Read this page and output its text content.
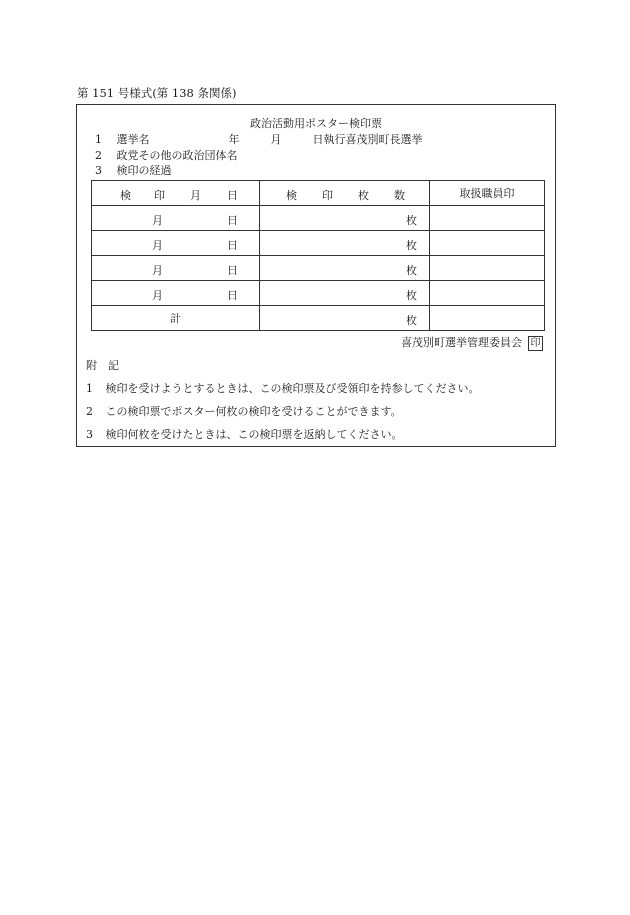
第 151 号様式(第 138 条関係)
政治活動用ポスター検印票
1 選挙名	年	月	日執行喜茂別町長選挙
2 政党その他の政治団体名
3 検印の経過
検 印 月 日	検 印 枚 数	取扱職員印

月 日	枚	

月 日	枚	

月 日	枚	

月 日	枚	

計	枚	

喜茂別町選挙管理委員会 印
附　記
1 検印を受けようとするときは、この検印票及び受領印を持参してください。
2 この検印票でポスター何枚の検印を受けることができます。
3 検印何枚を受けたときは、この検印票を返納してください。
